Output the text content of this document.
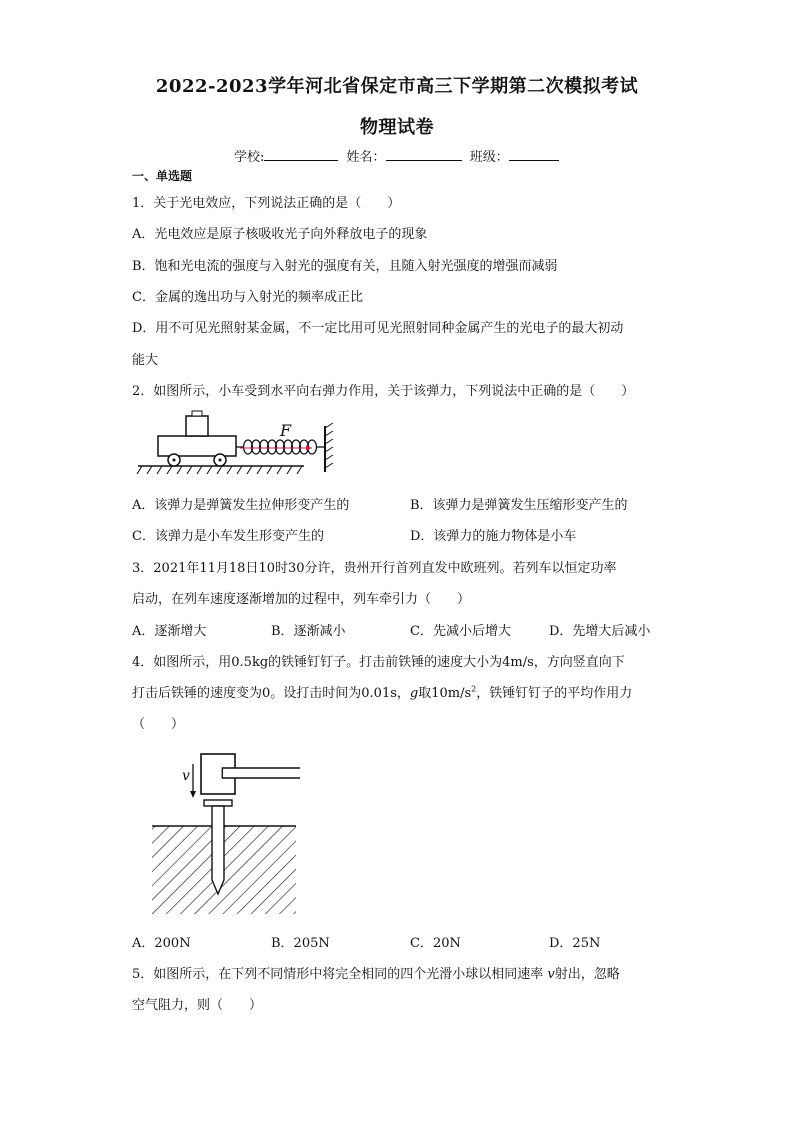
2022-2023学年河北省保定市高三下学期第二次模拟考试
物理试卷
学校:	姓名：	班级：
一、单选题
1．关于光电效应，下列说法正确的是（　　）
A．光电效应是原子核吸收光子向外释放电子的现象
B．饱和光电流的强度与入射光的强度有关，且随入射光强度的增强而减弱
C．金属的逸出功与入射光的频率成正比
D．用不可见光照射某金属，不一定比用可见光照射同种金属产生的光电子的最大初动
能大
2．如图所示，小车受到水平向右弹力作用，关于该弹力，下列说法中正确的是（　　）
F
A．该弹力是弹簧发生拉伸形变产生的	B．该弹力是弹簧发生压缩形变产生的
C．该弹力是小车发生形变产生的	D．该弹力的施力物体是小车
3．2021年11月18日10时30分许，贵州开行首列直发中欧班列。若列车以恒定功率
启动，在列车速度逐渐增加的过程中，列车牵引力（　　）
A．逐渐增大	B．逐渐减小	C．先减小后增大	D．先增大后减小
4．如图所示，用0.5kg的铁锤钉钉子。打击前铁锤的速度大小为4m/s，方向竖直向下
打击后铁锤的速度变为0。设打击时间为0.01s，g取$10m/s^2$，铁锤钉钉子的平均作用力
（　　）
v
A．200N	B．205N	C．20N	D．25N
5．如图所示，在下列不同情形中将完全相同的四个光滑小球以相同速率 v射出，忽略
空气阻力，则（　　）
